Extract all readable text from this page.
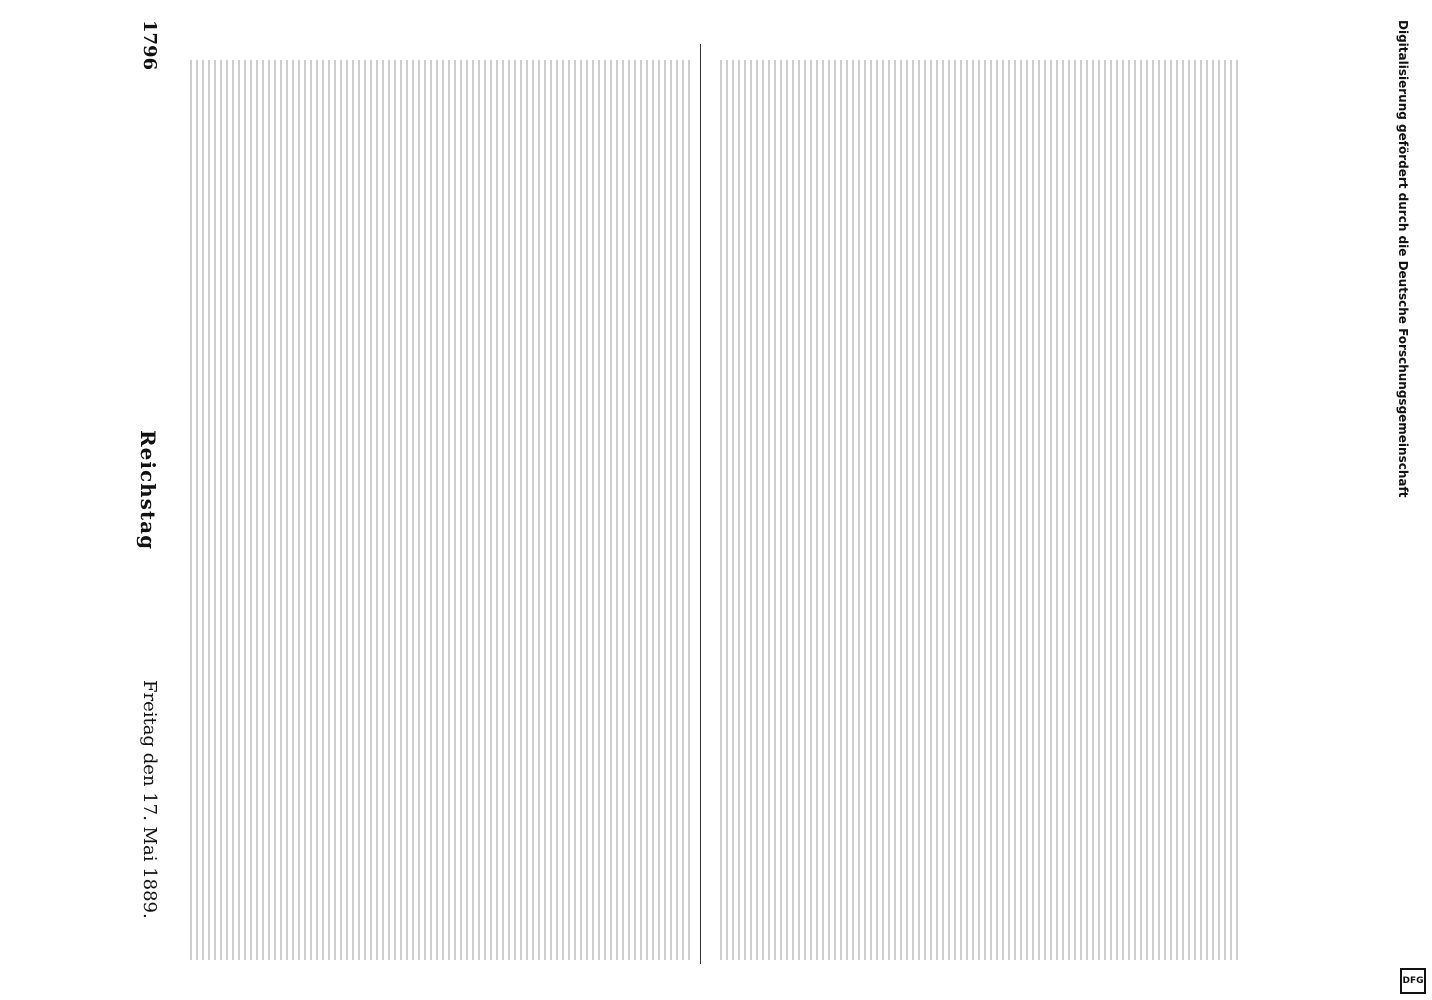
1796
Reichstag
Freitag den 17. Mai 1889.
Digitalisierung gefördert durch die Deutsche Forschungsgemeinschaft
DFG
